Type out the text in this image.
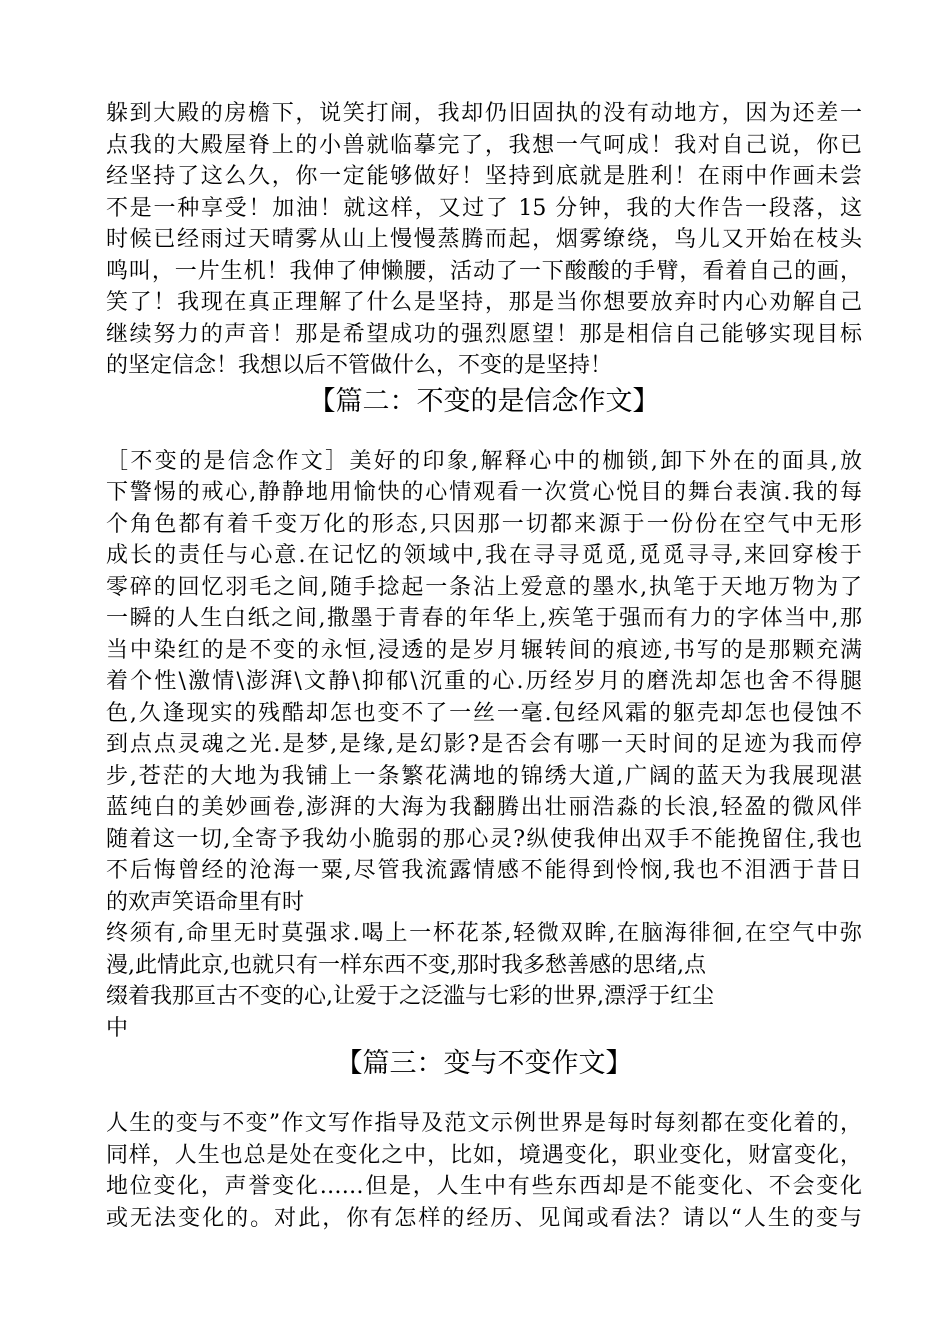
躲到大殿的房檐下，说笑打闹，我却仍旧固执的没有动地方，因为还差一
点我的大殿屋脊上的小兽就临摹完了，我想一气呵成！我对自己说，你已
经坚持了这么久，你一定能够做好！坚持到底就是胜利！在雨中作画未尝
不是一种享受！加油！就这样，又过了 15 分钟，我的大作告一段落，这
时候已经雨过天晴雾从山上慢慢蒸腾而起，烟雾缭绕，鸟儿又开始在枝头
鸣叫，一片生机！我伸了伸懒腰，活动了一下酸酸的手臂，看着自己的画，
笑了！我现在真正理解了什么是坚持，那是当你想要放弃时内心劝解自己
继续努力的声音！那是希望成功的强烈愿望！那是相信自己能够实现目标
的坚定信念！我想以后不管做什么，不变的是坚持！
【篇二：不变的是信念作文】
［不变的是信念作文］美好的印象,解释心中的枷锁,卸下外在的面具,放
下警惕的戒心,静静地用愉快的心情观看一次赏心悦目的舞台表演.我的每
个角色都有着千变万化的形态,只因那一切都来源于一份份在空气中无形
成长的责任与心意.在记忆的领域中,我在寻寻觅觅,觅觅寻寻,来回穿梭于
零碎的回忆羽毛之间,随手捻起一条沾上爱意的墨水,执笔于天地万物为了
一瞬的人生白纸之间,撒墨于青春的年华上,疾笔于强而有力的字体当中,那
当中染红的是不变的永恒,浸透的是岁月辗转间的痕迹,书写的是那颗充满
着个性\激情\澎湃\文静\抑郁\沉重的心.历经岁月的磨洗却怎也舍不得腿
色,久逢现实的残酷却怎也变不了一丝一毫.包经风霜的躯壳却怎也侵蚀不
到点点灵魂之光.是梦,是缘,是幻影?是否会有哪一天时间的足迹为我而停
步,苍茫的大地为我铺上一条繁花满地的锦绣大道,广阔的蓝天为我展现湛
蓝纯白的美妙画卷,澎湃的大海为我翻腾出壮丽浩淼的长浪,轻盈的微风伴
随着这一切,全寄予我幼小脆弱的那心灵?纵使我伸出双手不能挽留住,我也
不后悔曾经的沧海一粟,尽管我流露情感不能得到怜悯,我也不泪洒于昔日
的欢声笑语命里有时
终须有,命里无时莫强求.喝上一杯花茶,轻微双眸,在脑海徘徊,在空气中弥
漫,此情此京,也就只有一样东西不变,那时我多愁善感的思绪,点
缀着我那亘古不变的心,让爱于之泛滥与七彩的世界,漂浮于红尘
中
【篇三：变与不变作文】
人生的变与不变”作文写作指导及范文示例世界是每时每刻都在变化着的，
同样，人生也总是处在变化之中，比如，境遇变化，职业变化，财富变化，
地位变化，声誉变化……但是，人生中有些东西却是不能变化、不会变化
或无法变化的。对此，你有怎样的经历、见闻或看法？请以“人生的变与
